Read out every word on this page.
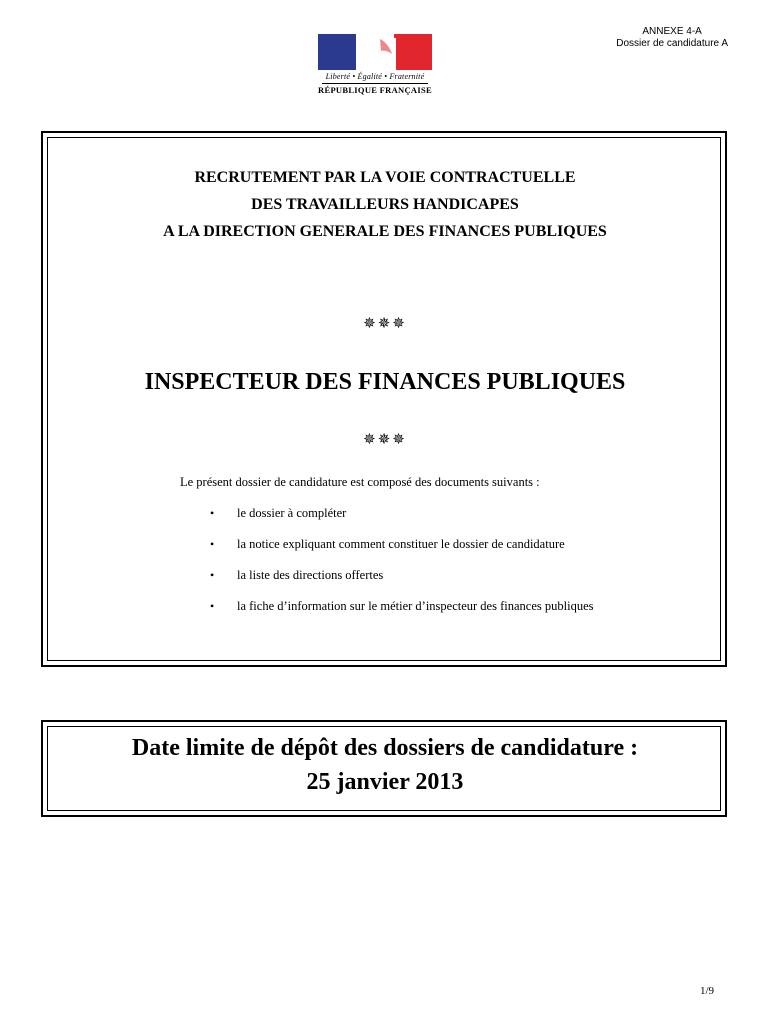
ANNEXE 4-A
Dossier de candidature A
Liberté • Égalité • Fraternité
RÉPUBLIQUE FRANÇAISE
RECRUTEMENT PAR LA VOIE CONTRACTUELLE
DES TRAVAILLEURS HANDICAPES
A LA DIRECTION GENERALE DES FINANCES PUBLIQUES
✵✵✵
INSPECTEUR DES FINANCES PUBLIQUES
✵✵✵
Le présent dossier de candidature est composé des documents suivants :
• le dossier à compléter
• la notice expliquant comment constituer le dossier de candidature
• la liste des directions offertes
• la fiche d’information sur le métier d’inspecteur des finances publiques
Date limite de dépôt des dossiers de candidature :
25 janvier 2013
1/9
